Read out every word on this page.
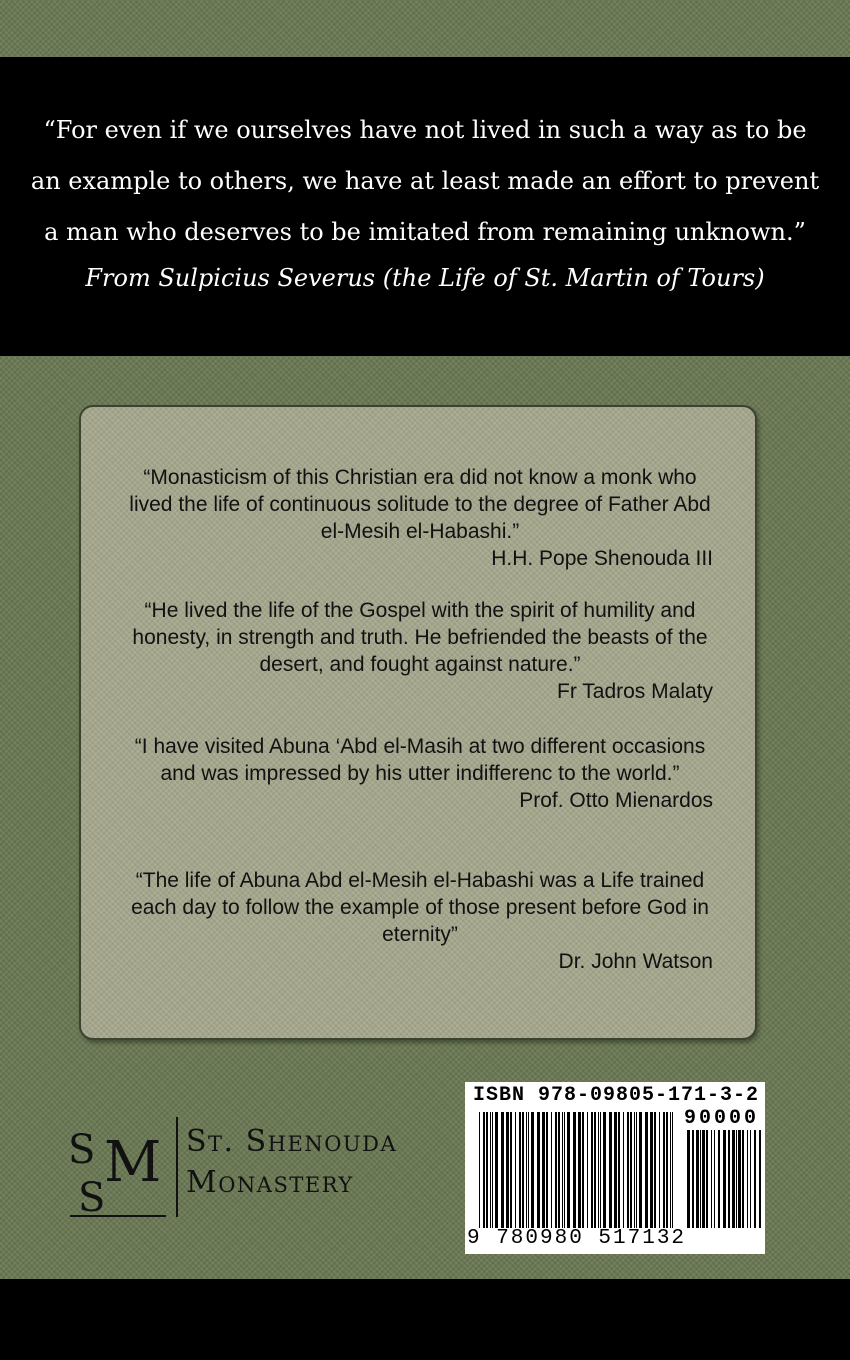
“For even if we ourselves have not lived in such a way as to be an example to others, we have at least made an effort to prevent a man who deserves to be imitated from remaining unknown.”

From Sulpicius Severus (the Life of St. Martin of Tours)
“Monasticism of this Christian era did not know a monk who lived the life of continuous solitude to the degree of Father Abd el-Mesih el-Habashi.”
H.H. Pope Shenouda III
“He lived the life of the Gospel with the spirit of humility and honesty, in strength and truth. He befriended the beasts of the desert, and fought against nature.”
Fr Tadros Malaty
“I have visited Abuna ‘Abd el-Masih at two different occasions and was impressed by his utter indifferenc to the world.”
Prof. Otto Mienardos
“The life of Abuna Abd el-Mesih el-Habashi was a Life trained each day to follow the example of those present before God in eternity”
Dr. John Watson
S M
S
St. Shenouda
Monastery
ISBN 978-09805-171-3-2
90000
9 780980 517132
